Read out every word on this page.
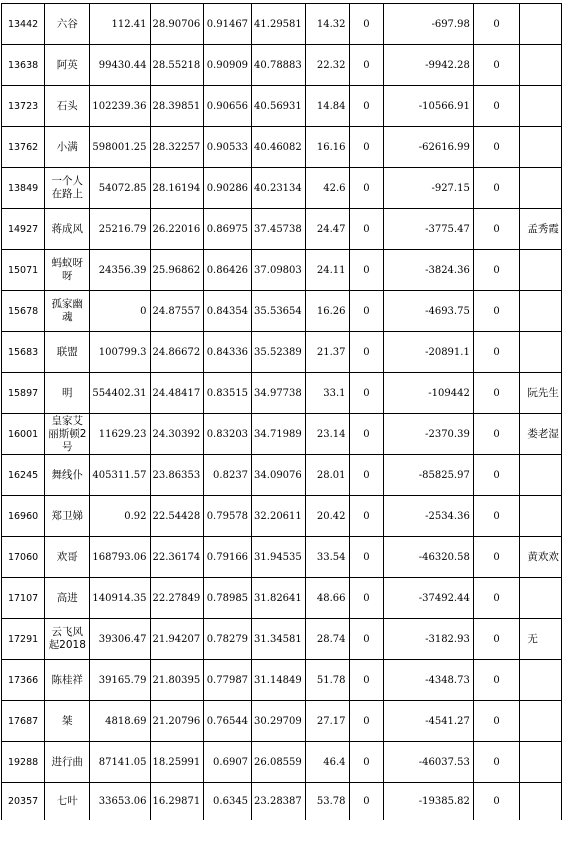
13442	六谷	112.41	28.90706	0.91467	41.29581	14.32	0	-697.98	0	
13638	阿英	99430.44	28.55218	0.90909	40.78883	22.32	0	-9942.28	0	
13723	石头	102239.36	28.39851	0.90656	40.56931	14.84	0	-10566.91	0	
13762	小满	598001.25	28.32257	0.90533	40.46082	16.16	0	-62616.99	0	
13849	一个人在路上	54072.85	28.16194	0.90286	40.23134	42.6	0	-927.15	0	
14927	蒋成风	25216.79	26.22016	0.86975	37.45738	24.47	0	-3775.47	0	孟秀霞
15071	蚂蚁呀呀	24356.39	25.96862	0.86426	37.09803	24.11	0	-3824.36	0	
15678	孤家幽魂	0	24.87557	0.84354	35.53654	16.26	0	-4693.75	0	
15683	联盟	100799.3	24.86672	0.84336	35.52389	21.37	0	-20891.1	0	
15897	明	554402.31	24.48417	0.83515	34.97738	33.1	0	-109442	0	阮先生
16001	皇家艾丽斯顿2号	11629.23	24.30392	0.83203	34.71989	23.14	0	-2370.39	0	娄老湿
16245	舞线仆	405311.57	23.86353	0.8237	34.09076	28.01	0	-85825.97	0	
16960	郑卫娣	0.92	22.54428	0.79578	32.20611	20.42	0	-2534.36	0	
17060	欢哥	168793.06	22.36174	0.79166	31.94535	33.54	0	-46320.58	0	黄欢欢
17107	高进	140914.35	22.27849	0.78985	31.82641	48.66	0	-37492.44	0	
17291	云飞风起2018	39306.47	21.94207	0.78279	31.34581	28.74	0	-3182.93	0	无
17366	陈桂祥	39165.79	21.80395	0.77987	31.14849	51.78	0	-4348.73	0	
17687	桀	4818.69	21.20796	0.76544	30.29709	27.17	0	-4541.27	0	
19288	进行曲	87141.05	18.25991	0.6907	26.08559	46.4	0	-46037.53	0	
20357	七叶	33653.06	16.29871	0.6345	23.28387	53.78	0	-19385.82	0	
